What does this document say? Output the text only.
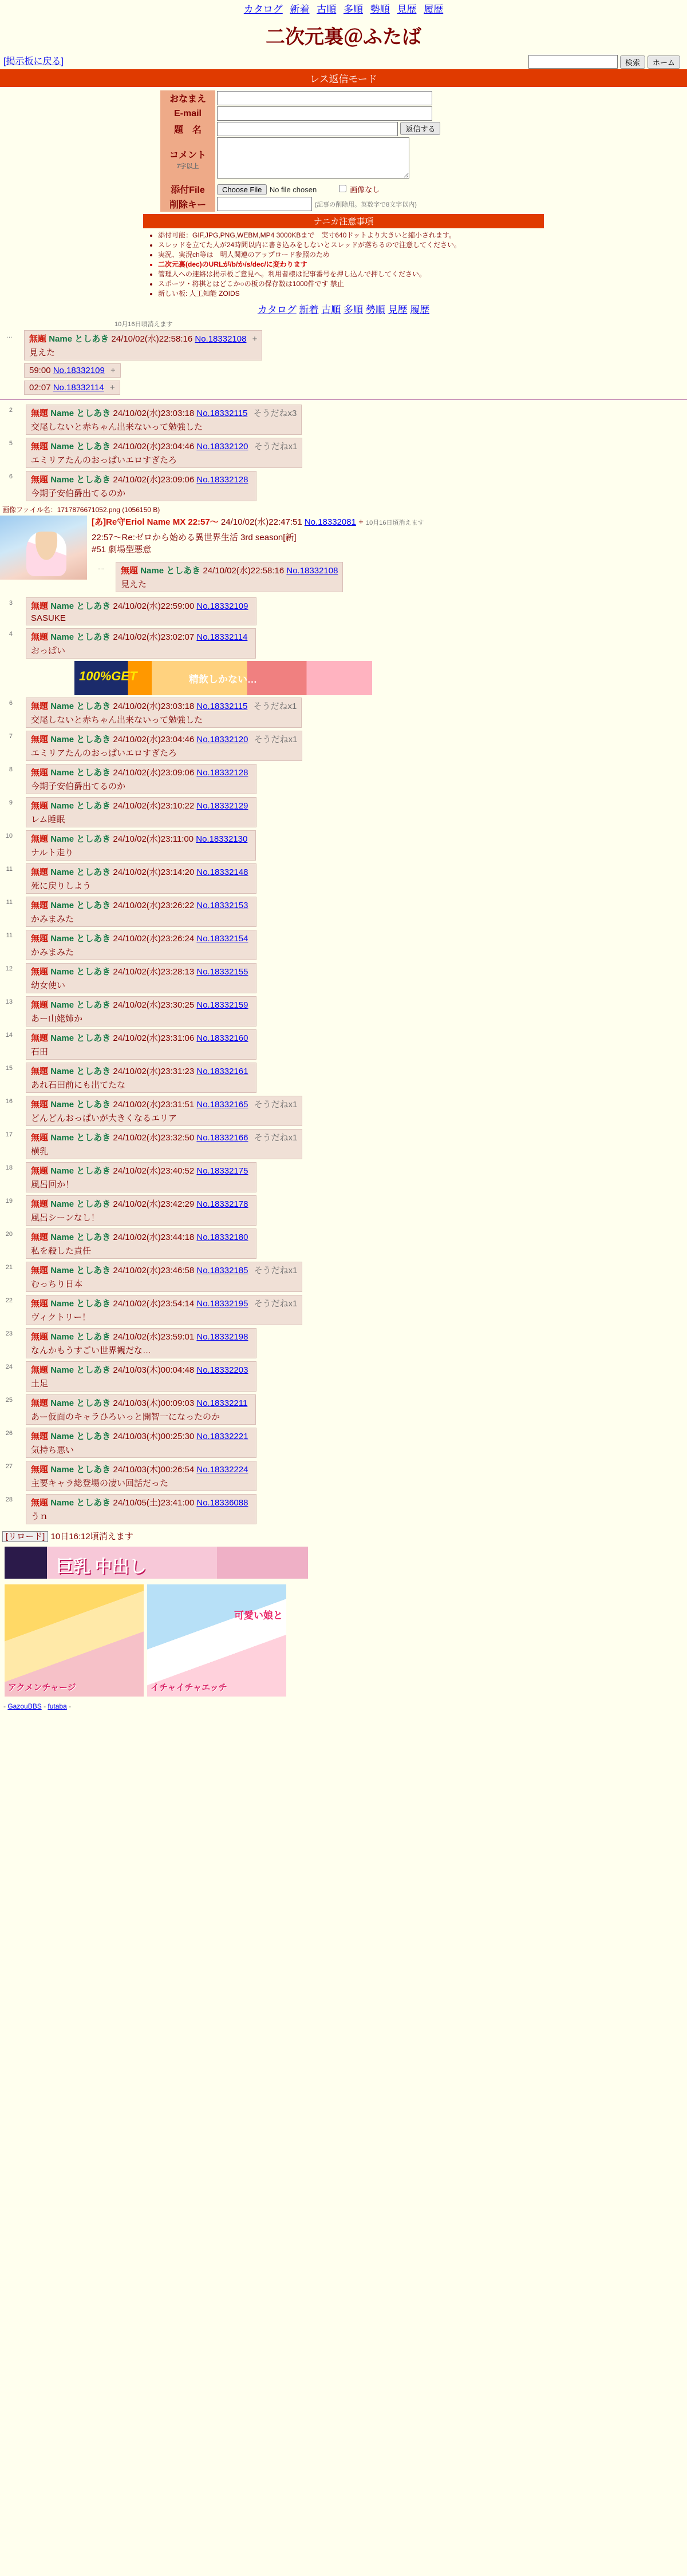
カタログ 新着 古順 多順 勢順 見歴 履歴
二次元裏＠ふたば
検索	ホーム
[掲示板に戻る]
レス返信モード
おなまえ	
E-mail	
題　名	返信する
コメント
7字以上	
添付File	Choose File No file chosen 画像なし
削除キー	(記事の削除用。英数字で8文字以内)
ナニカ注意事項
• 添付可能：GIF,JPG,PNG,WEBM,MP4 3000KBまで　実寸640ドットより大きいと縮小されます。
• スレッドを立てた人が24時間以内に書き込みをしないとスレッドが落ちるので注意してください。
• 実況、実況ch等は　明人関連のアップロード参照のため
• 二次元裏(dec)のURLが/b/か/s/dec/に変わります
• 管理人への連絡は掲示板ご意見へ。利用者様は記事番号を押し込んで押してください。
• スポーツ・将棋とはどこか○の板の保存数は1000件です 禁止
• 新しい板: 人工知能 ZOIDS
カタログ 新着 古順 多順 勢順 見歴 履歴
10月16日頃消えます
…	無題 Name としあき 24/10/02(水)22:58:16 No.18332108 +
見えた
59:00 No.18332109 +
02:07 No.18332114 +
2	無題 Name としあき 24/10/02(水)23:03:18 No.18332115 そうだねx3
交尾しないと赤ちゃん出来ないって勉強した
5	無題 Name としあき 24/10/02(水)23:04:46 No.18332120 そうだねx1
エミリアたんのおっぱいエロすぎたろ
6	無題 Name としあき 24/10/02(水)23:09:06 No.18332128
今期子安伯爵出てるのか
画像ファイル名：1717876671052.png (1056150 B)
[あ]Re守Eriol Name MX 22:57〜 24/10/02(水)22:47:51 No.18332081 + 10月16日頃消えます
22:57〜Re:ゼロから始める異世界生活 3rd season[新]
#51 劇場型悪意
…	無題 Name としあき 24/10/02(水)22:58:16 No.18332108
見えた
3	無題 Name としあき 24/10/02(水)22:59:00 No.18332109
SASUKE
4	無題 Name としあき 24/10/02(水)23:02:07 No.18332114
おっぱい
100%GET	精飲しかない…
6	無題 Name としあき 24/10/02(水)23:03:18 No.18332115 そうだねx1
交尾しないと赤ちゃん出来ないって勉強した
7	無題 Name としあき 24/10/02(水)23:04:46 No.18332120 そうだねx1
エミリアたんのおっぱいエロすぎたろ
8	無題 Name としあき 24/10/02(水)23:09:06 No.18332128
今期子安伯爵出てるのか
9	無題 Name としあき 24/10/02(水)23:10:22 No.18332129
レム睡眠
10	無題 Name としあき 24/10/02(水)23:11:00 No.18332130
ナルト走り
11	無題 Name としあき 24/10/02(水)23:14:20 No.18332148
死に戻りしよう
11	無題 Name としあき 24/10/02(水)23:26:22 No.18332153
かみまみた
11	無題 Name としあき 24/10/02(水)23:26:24 No.18332154
かみまみた
12	無題 Name としあき 24/10/02(水)23:28:13 No.18332155
幼女使い
13	無題 Name としあき 24/10/02(水)23:30:25 No.18332159
あー山姥姉か
14	無題 Name としあき 24/10/02(水)23:31:06 No.18332160
石田
15	無題 Name としあき 24/10/02(水)23:31:23 No.18332161
あれ石田前にも出てたな
16	無題 Name としあき 24/10/02(水)23:31:51 No.18332165 そうだねx1
どんどんおっぱいが大きくなるエリア
17	無題 Name としあき 24/10/02(水)23:32:50 No.18332166 そうだねx1
横乳
18	無題 Name としあき 24/10/02(水)23:40:52 No.18332175
風呂回か！
19	無題 Name としあき 24/10/02(水)23:42:29 No.18332178
風呂シーンなし！
20	無題 Name としあき 24/10/02(水)23:44:18 No.18332180
私を殺した責任
21	無題 Name としあき 24/10/02(水)23:46:58 No.18332185 そうだねx1
むっちり日本
22	無題 Name としあき 24/10/02(水)23:54:14 No.18332195 そうだねx1
ヴィクトリー！
23	無題 Name としあき 24/10/02(水)23:59:01 No.18332198
なんかもうすごい世界観だな…
24	無題 Name としあき 24/10/03(木)00:04:48 No.18332203
土足
25	無題 Name としあき 24/10/03(木)00:09:03 No.18332211
あー仮面のキャラひろいっと開智一になったのか
26	無題 Name としあき 24/10/03(木)00:25:30 No.18332221
気持ち悪い
27	無題 Name としあき 24/10/03(木)00:26:54 No.18332224
主要キャラ総登場の凄い回話だった
28	無題 Name としあき 24/10/05(土)23:41:00 No.18336088
うｎ
[リロード] 10日16:12頃消えます
巨乳 中出し
アクメンチャージ
可愛い娘と
イチャイチャエッチ
- GazouBBS - futaba -
